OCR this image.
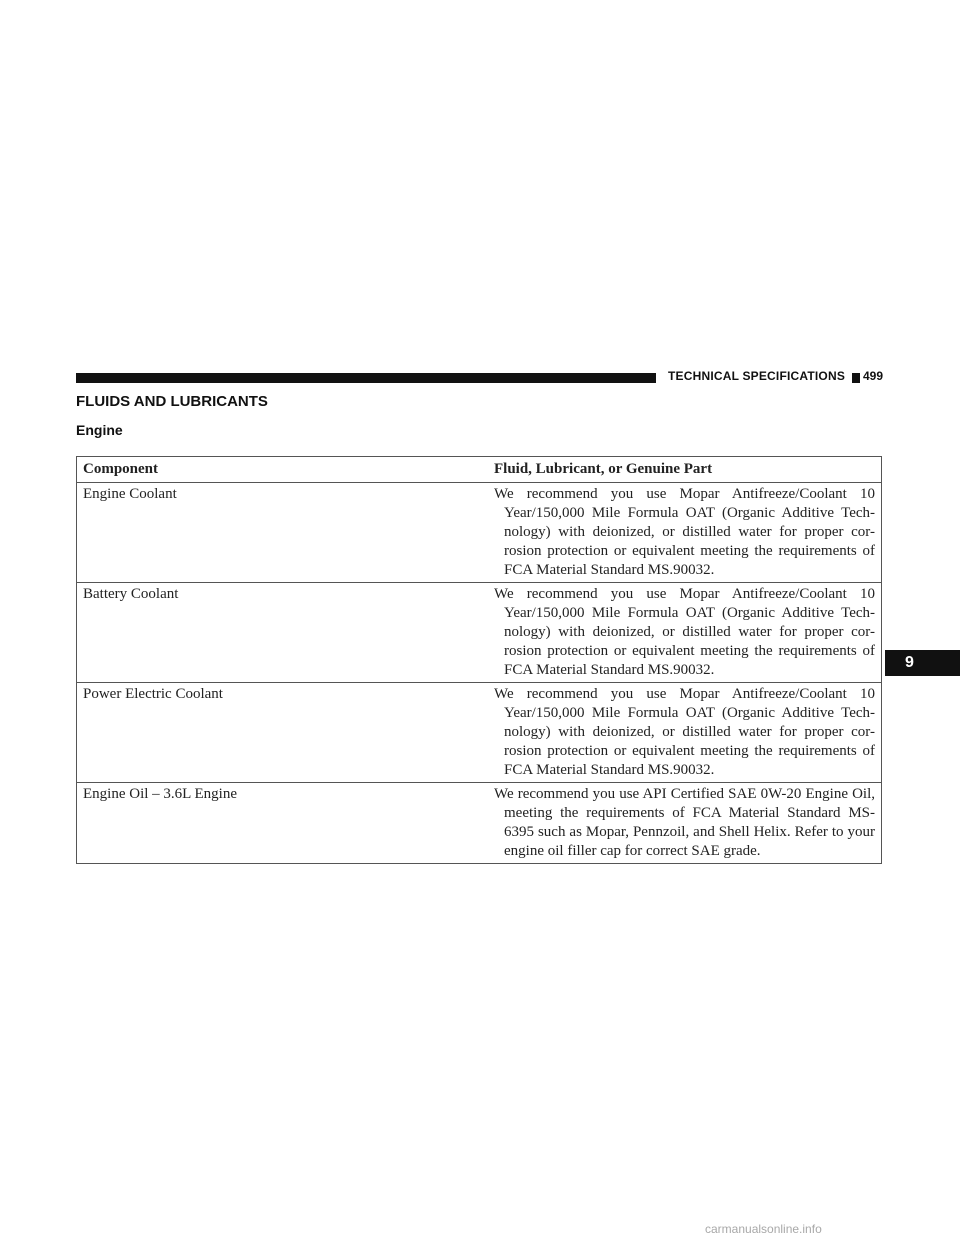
TECHNICAL SPECIFICATIONS 499
FLUIDS AND LUBRICANTS
Engine
Component	Fluid, Lubricant, or Genuine Part
Engine Coolant	We recommend you use Mopar Antifreeze/Coolant 10 Year/150,000 Mile Formula OAT (Organic Additive Tech-nology) with deionized, or distilled water for proper cor-rosion protection or equivalent meeting the requirements of FCA Material Standard MS.90032.

Battery Coolant	We recommend you use Mopar Antifreeze/Coolant 10 Year/150,000 Mile Formula OAT (Organic Additive Tech-nology) with deionized, or distilled water for proper cor-rosion protection or equivalent meeting the requirements of FCA Material Standard MS.90032.

Power Electric Coolant	We recommend you use Mopar Antifreeze/Coolant 10 Year/150,000 Mile Formula OAT (Organic Additive Tech-nology) with deionized, or distilled water for proper cor-rosion protection or equivalent meeting the requirements of FCA Material Standard MS.90032.

Engine Oil – 3.6L Engine	We recommend you use API Certified SAE 0W-20 Engine Oil, meeting the requirements of FCA Material Standard MS-6395 such as Mopar, Pennzoil, and Shell Helix. Refer to your engine oil filler cap for correct SAE grade.
9
carmanualsonline.info
